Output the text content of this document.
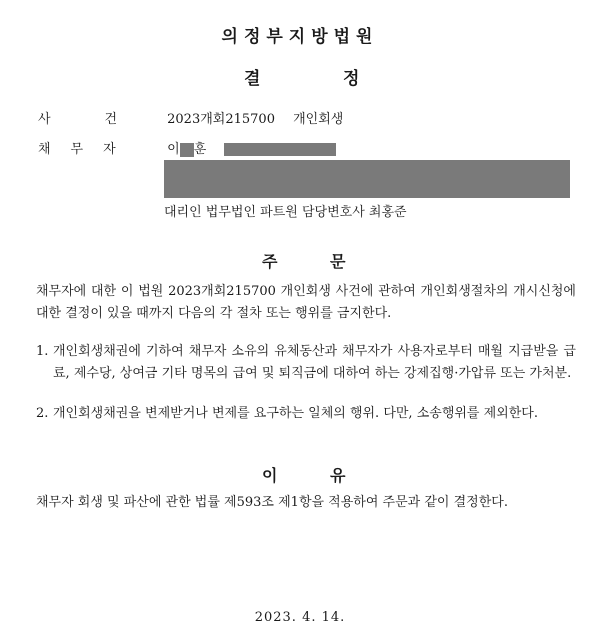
의정부지방법원
결	정
사건 2023개회215700 개인회생
채무자 이 훈
대리인 법무법인 파트원 담당변호사 최홍준
주	문
채무자에 대한 이 법원 2023개회215700 개인회생 사건에 관하여 개인회생절차의 개시신청에 대한 결정이 있을 때까지 다음의 각 절차 또는 행위를 금지한다.
1. 개인회생채권에 기하여 채무자 소유의 유체동산과 채무자가 사용자로부터 매월 지급받을 급료, 제수당, 상여금 기타 명목의 급여 및 퇴직금에 대하여 하는 강제집행·가압류 또는 가처분.
2. 개인회생채권을 변제받거나 변제를 요구하는 일체의 행위. 다만, 소송행위를 제외한다.
이	유
채무자 회생 및 파산에 관한 법률 제593조 제1항을 적용하여 주문과 같이 결정한다.
2023. 4. 14.
